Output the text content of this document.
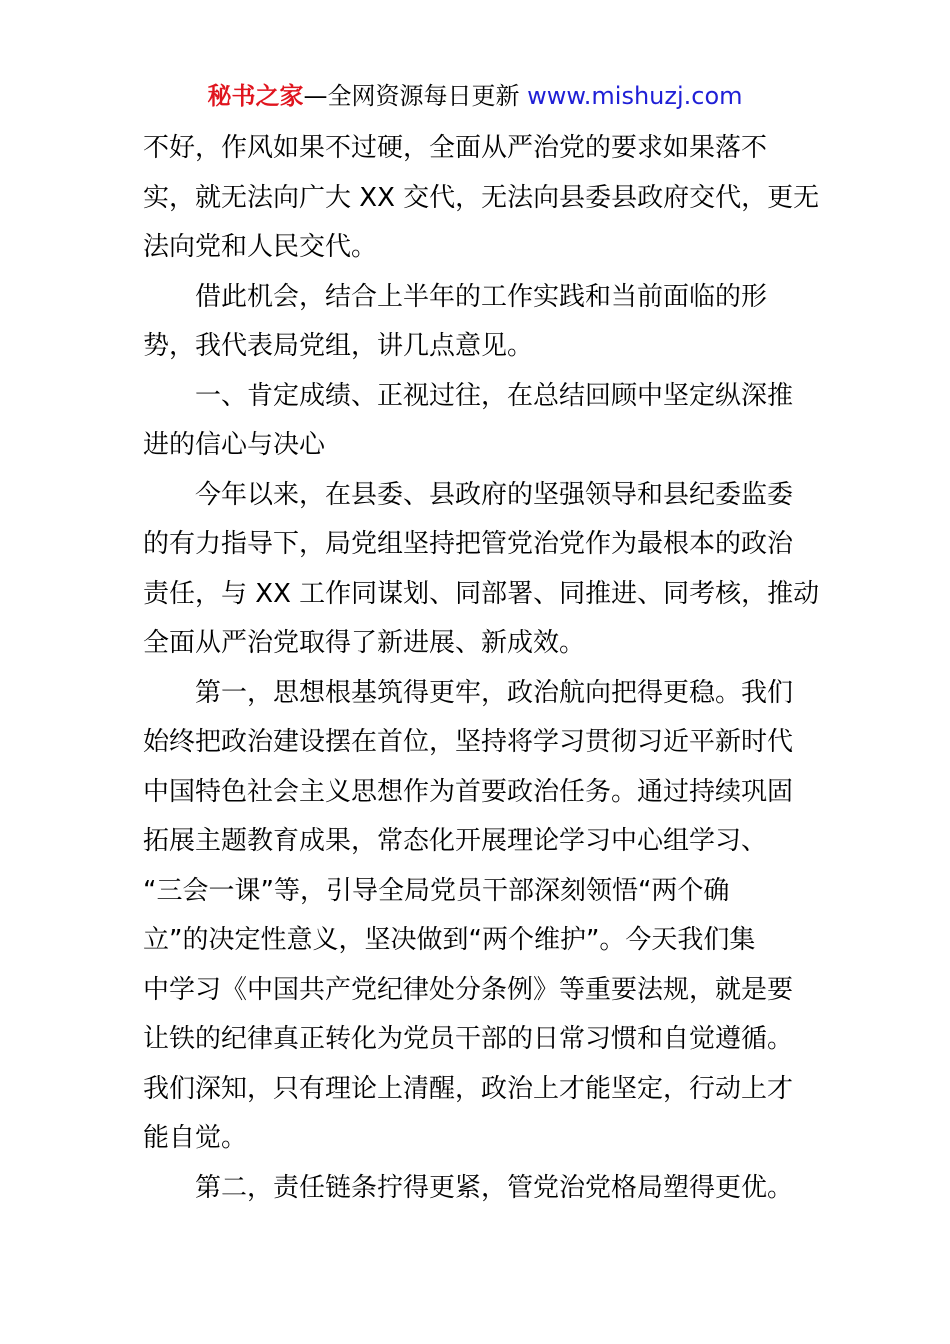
秘书之家—全网资源每日更新 www.mishuzj.com
不好，作风如果不过硬，全面从严治党的要求如果落不
实，就无法向广大 XX 交代，无法向县委县政府交代，更无
法向党和人民交代。
借此机会，结合上半年的工作实践和当前面临的形
势，我代表局党组，讲几点意见。
一、肯定成绩、正视过往，在总结回顾中坚定纵深推
进的信心与决心
今年以来，在县委、县政府的坚强领导和县纪委监委
的有力指导下，局党组坚持把管党治党作为最根本的政治
责任，与 XX 工作同谋划、同部署、同推进、同考核，推动
全面从严治党取得了新进展、新成效。
第一，思想根基筑得更牢，政治航向把得更稳。我们
始终把政治建设摆在首位，坚持将学习贯彻习近平新时代
中国特色社会主义思想作为首要政治任务。通过持续巩固
拓展主题教育成果，常态化开展理论学习中心组学习、
“三会一课”等，引导全局党员干部深刻领悟“两个确
立”的决定性意义，坚决做到“两个维护”。今天我们集
中学习《中国共产党纪律处分条例》等重要法规，就是要
让铁的纪律真正转化为党员干部的日常习惯和自觉遵循。
我们深知，只有理论上清醒，政治上才能坚定，行动上才
能自觉。
第二，责任链条拧得更紧，管党治党格局塑得更优。
